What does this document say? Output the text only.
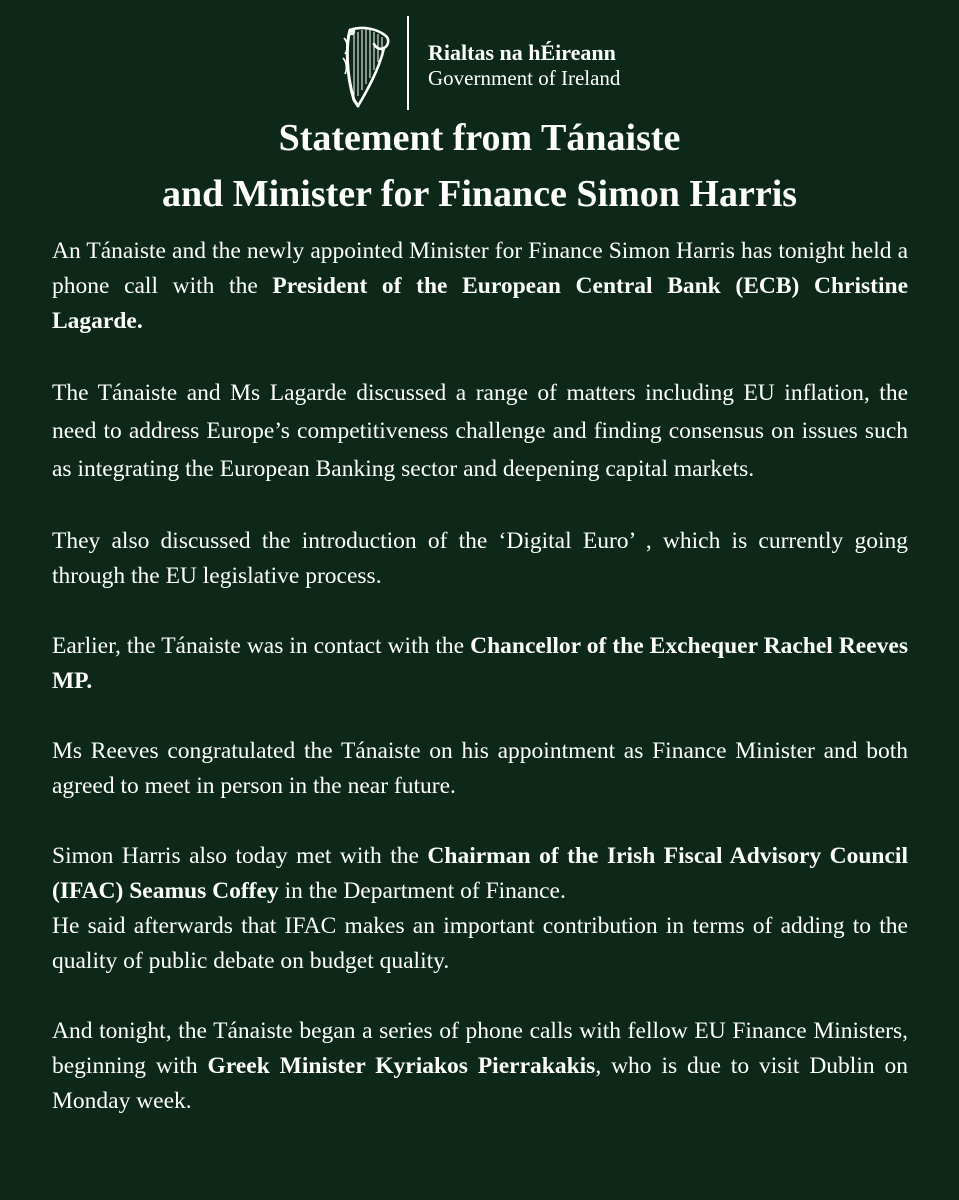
Rialtas na hÉireann
Government of Ireland
Statement from Tánaiste
and Minister for Finance Simon Harris

An Tánaiste and the newly appointed Minister for Finance Simon Harris has tonight held a phone call with the President of the European Central Bank (ECB) Christine Lagarde.

The Tánaiste and Ms Lagarde discussed a range of matters including EU inflation, the need to address Europe’s competitiveness challenge and finding consensus on issues such as integrating the European Banking sector and deepening capital markets.

They also discussed the introduction of the ‘Digital Euro’ , which is currently going through the EU legislative process.

Earlier, the Tánaiste was in contact with the Chancellor of the Exchequer Rachel Reeves MP.

Ms Reeves congratulated the Tánaiste on his appointment as Finance Minister and both agreed to meet in person in the near future.

Simon Harris also today met with the Chairman of the Irish Fiscal Advisory Council (IFAC) Seamus Coffey in the Department of Finance.

He said afterwards that IFAC makes an important contribution in terms of adding to the quality of public debate on budget quality.

And tonight, the Tánaiste began a series of phone calls with fellow EU Finance Ministers, beginning with Greek Minister Kyriakos Pierrakakis, who is due to visit Dublin on Monday week.
